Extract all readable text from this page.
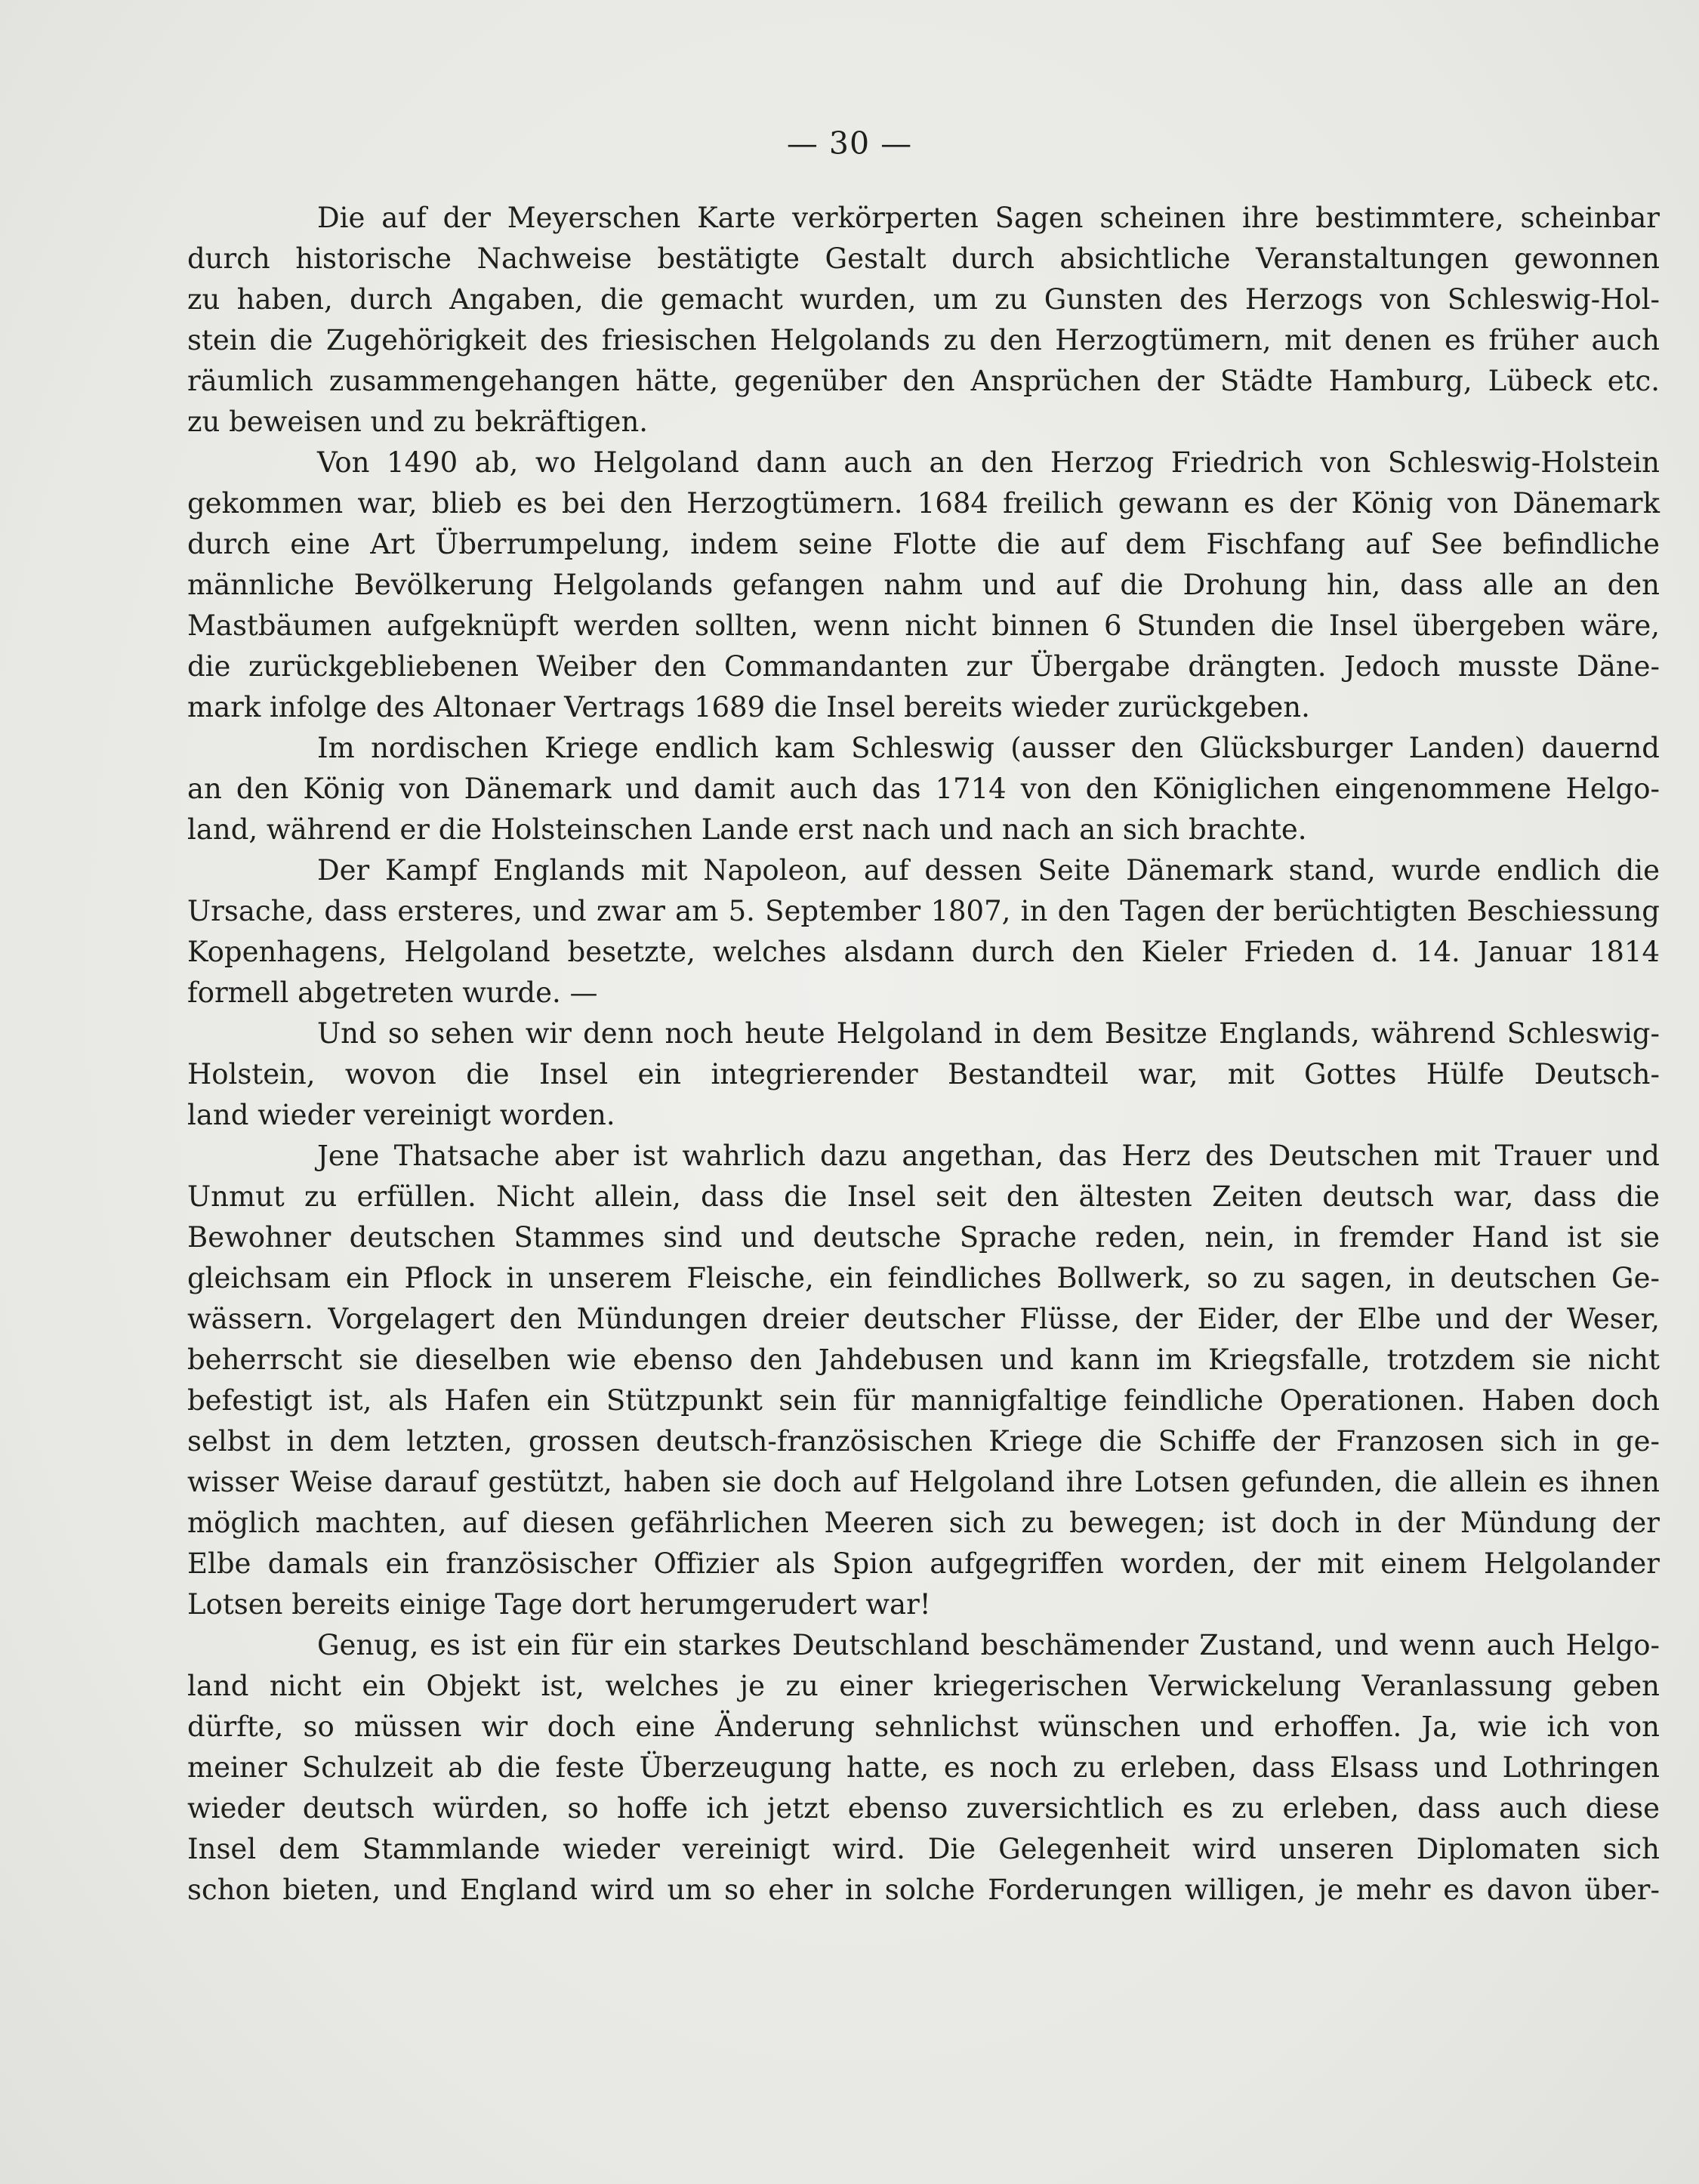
— 30 —
Die auf der Meyerschen Karte verkörperten Sagen scheinen ihre bestimmtere, scheinbar
durch historische Nachweise bestätigte Gestalt durch absichtliche Veranstaltungen gewonnen
zu haben, durch Angaben, die gemacht wurden, um zu Gunsten des Herzogs von Schleswig-Hol-
stein die Zugehörigkeit des friesischen Helgolands zu den Herzogtümern, mit denen es früher auch
räumlich zusammengehangen hätte, gegenüber den Ansprüchen der Städte Hamburg, Lübeck etc.
zu beweisen und zu bekräftigen.
Von 1490 ab, wo Helgoland dann auch an den Herzog Friedrich von Schleswig-Holstein
gekommen war, blieb es bei den Herzogtümern. 1684 freilich gewann es der König von Dänemark
durch eine Art Überrumpelung, indem seine Flotte die auf dem Fischfang auf See befindliche
männliche Bevölkerung Helgolands gefangen nahm und auf die Drohung hin, dass alle an den
Mastbäumen aufgeknüpft werden sollten, wenn nicht binnen 6 Stunden die Insel übergeben wäre,
die zurückgebliebenen Weiber den Commandanten zur Übergabe drängten. Jedoch musste Däne-
mark infolge des Altonaer Vertrags 1689 die Insel bereits wieder zurückgeben.
Im nordischen Kriege endlich kam Schleswig (ausser den Glücksburger Landen) dauernd
an den König von Dänemark und damit auch das 1714 von den Königlichen eingenommene Helgo-
land, während er die Holsteinschen Lande erst nach und nach an sich brachte.
Der Kampf Englands mit Napoleon, auf dessen Seite Dänemark stand, wurde endlich die
Ursache, dass ersteres, und zwar am 5. September 1807, in den Tagen der berüchtigten Beschiessung
Kopenhagens, Helgoland besetzte, welches alsdann durch den Kieler Frieden d. 14. Januar 1814
formell abgetreten wurde. —
Und so sehen wir denn noch heute Helgoland in dem Besitze Englands, während Schleswig-
Holstein, wovon die Insel ein integrierender Bestandteil war, mit Gottes Hülfe Deutsch-
land wieder vereinigt worden.
Jene Thatsache aber ist wahrlich dazu angethan, das Herz des Deutschen mit Trauer und
Unmut zu erfüllen. Nicht allein, dass die Insel seit den ältesten Zeiten deutsch war, dass die
Bewohner deutschen Stammes sind und deutsche Sprache reden, nein, in fremder Hand ist sie
gleichsam ein Pflock in unserem Fleische, ein feindliches Bollwerk, so zu sagen, in deutschen Ge-
wässern. Vorgelagert den Mündungen dreier deutscher Flüsse, der Eider, der Elbe und der Weser,
beherrscht sie dieselben wie ebenso den Jahdebusen und kann im Kriegsfalle, trotzdem sie nicht
befestigt ist, als Hafen ein Stützpunkt sein für mannigfaltige feindliche Operationen. Haben doch
selbst in dem letzten, grossen deutsch-französischen Kriege die Schiffe der Franzosen sich in ge-
wisser Weise darauf gestützt, haben sie doch auf Helgoland ihre Lotsen gefunden, die allein es ihnen
möglich machten, auf diesen gefährlichen Meeren sich zu bewegen; ist doch in der Mündung der
Elbe damals ein französischer Offizier als Spion aufgegriffen worden, der mit einem Helgolander
Lotsen bereits einige Tage dort herumgerudert war!
Genug, es ist ein für ein starkes Deutschland beschämender Zustand, und wenn auch Helgo-
land nicht ein Objekt ist, welches je zu einer kriegerischen Verwickelung Veranlassung geben
dürfte, so müssen wir doch eine Änderung sehnlichst wünschen und erhoffen. Ja, wie ich von
meiner Schulzeit ab die feste Überzeugung hatte, es noch zu erleben, dass Elsass und Lothringen
wieder deutsch würden, so hoffe ich jetzt ebenso zuversichtlich es zu erleben, dass auch diese
Insel dem Stammlande wieder vereinigt wird. Die Gelegenheit wird unseren Diplomaten sich
schon bieten, und England wird um so eher in solche Forderungen willigen, je mehr es davon über-
